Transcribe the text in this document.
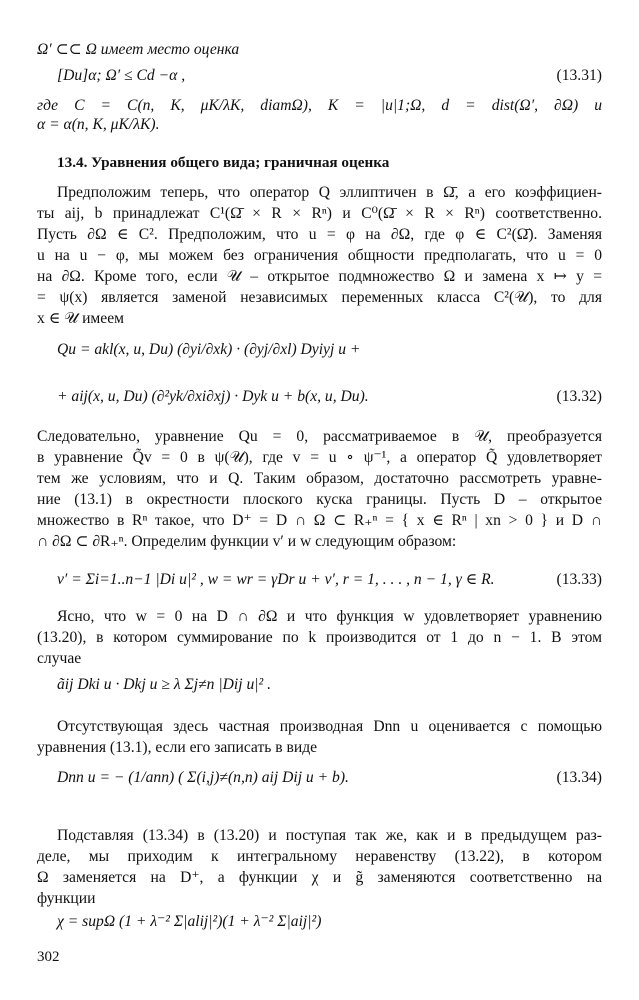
Ω′ ⊂⊂ Ω имеет место оценка
[Du]α; Ω′ ≤ Cd −α ,	(13.31)
где C = C(n, K, μK/λK, diamΩ), K = |u|1;Ω, d = dist(Ω′, ∂Ω) и
α = α(n, K, μK/λK).
13.4. Уравнения общего вида; граничная оценка
Предположим теперь, что оператор Q эллиптичен в Ω̄, а его коэффициен-
ты aij, b принадлежат C¹(Ω̄ × R × Rⁿ) и C⁰(Ω̄ × R × Rⁿ) соответственно.
Пусть ∂Ω ∈ C². Предположим, что u = φ на ∂Ω, где φ ∈ C²(Ω̄). Заменяя
u на u − φ, мы можем без ограничения общности предполагать, что u = 0
на ∂Ω. Кроме того, если 𝒰 – открытое подмножество Ω и замена x ↦ y =
= ψ(x) является заменой независимых переменных класса C²(𝒰), то для
x ∈ 𝒰 имеем
Qu = akl(x, u, Du) (∂yi/∂xk) · (∂yj/∂xl) Dyiyj u +
+ aij(x, u, Du) (∂²yk/∂xi∂xj) · Dyk u + b(x, u, Du).	(13.32)
Следовательно, уравнение Qu = 0, рассматриваемое в 𝒰, преобразуется
в уравнение Q̃v = 0 в ψ(𝒰), где v = u ∘ ψ⁻¹, а оператор Q̃ удовлетворяет
тем же условиям, что и Q. Таким образом, достаточно рассмотреть уравне-
ние (13.1) в окрестности плоского куска границы. Пусть D – открытое
множество в Rⁿ такое, что D⁺ = D ∩ Ω ⊂ R₊ⁿ = { x ∈ Rⁿ | xn > 0 } и D ∩
∩ ∂Ω ⊂ ∂R₊ⁿ. Определим функции v′ и w следующим образом:
v′ = Σi=1..n−1 |Di u|² , w = wr = γDr u + v′, r = 1, . . . , n − 1, γ ∈ R.	(13.33)
Ясно, что w = 0 на D ∩ ∂Ω и что функция w удовлетворяет уравнению
(13.20), в котором суммирование по k производится от 1 до n − 1. В этом
случае
ãij Dki u · Dkj u ≥ λ Σj≠n |Dij u|² .
Отсутствующая здесь частная производная Dnn u оценивается с помощью
уравнения (13.1), если его записать в виде
Dnn u = − (1/ann) ( Σ(i,j)≠(n,n) aij Dij u + b).	(13.34)
Подставляя (13.34) в (13.20) и поступая так же, как и в предыдущем раз-
деле, мы приходим к интегральному неравенству (13.22), в котором
Ω заменяется на D⁺, а функции χ и g̃ заменяются соответственно на
функции
χ = supΩ (1 + λ⁻² Σ|alij|²)(1 + λ⁻² Σ|aij|²)
302
